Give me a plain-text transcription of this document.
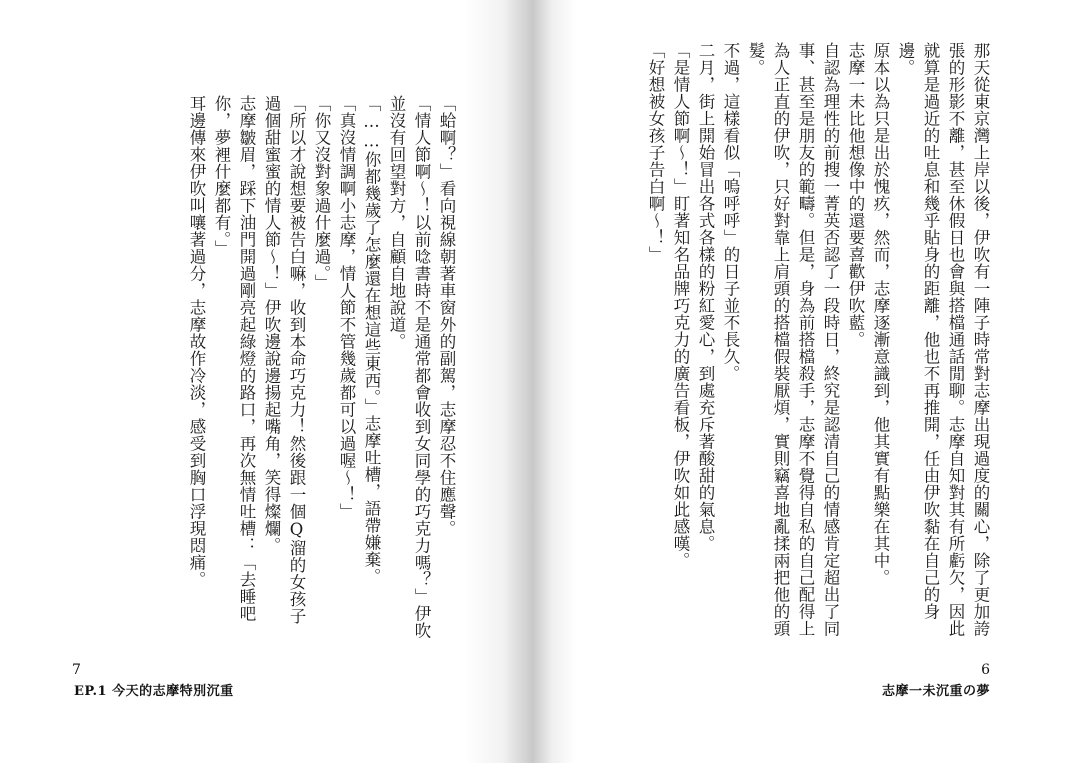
「蛤啊？」看向視線朝著車窗外的副駕，志摩忍不住應聲。

「情人節啊～！以前唸書時不是通常都會收到女同學的巧克力嗎？」伊吹並沒有回望對方，自顧自地說道。

「……你都幾歲了怎麼還在想這些東西。」志摩吐槽，語帶嫌棄。

「真沒情調啊小志摩，情人節不管幾歲都可以過喔～！」

「你又沒對象過什麼過。」

「所以才說想要被告白嘛，收到本命巧克力！然後跟一個Q溜的女孩子過個甜蜜蜜的情人節～！」伊吹邊說邊揚起嘴角，笑得燦爛。

志摩皺眉，踩下油門開過剛亮起綠燈的路口，再次無情吐槽：「去睡吧你，夢裡什麼都有。」

耳邊傳來伊吹叫嚷著過分，志摩故作冷淡，感受到胸口浮現悶痛。

7
EP.1 今天的志摩特別沉重

那天從東京灣上岸以後，伊吹有一陣子時常對志摩出現過度的關心，除了更加誇張的形影不離，甚至休假日也會與搭檔通話閒聊。志摩自知對其有所虧欠，因此就算是過近的吐息和幾乎貼身的距離，他也不再推開，任由伊吹黏在自己的身邊。

原本以為只是出於愧疚，然而，志摩逐漸意識到，他其實有點樂在其中。

志摩一未比他想像中的還要喜歡伊吹藍。

自認為理性的前搜一菁英否認了一段時日，終究是認清自己的情感肯定超出了同事、甚至是朋友的範疇。但是，身為前搭檔殺手，志摩不覺得自私的自己配得上為人正直的伊吹，只好對靠上肩頭的搭檔假裝厭煩，實則竊喜地亂揉兩把他的頭髮。

不過，這樣看似「嗚呼呼」的日子並不長久。

二月，街上開始冒出各式各樣的粉紅愛心，到處充斥著酸甜的氣息。

「是情人節啊～！」盯著知名品牌巧克力的廣告看板，伊吹如此感嘆。

「好想被女孩子告白啊～！」

6
志摩一未沉重の夢
